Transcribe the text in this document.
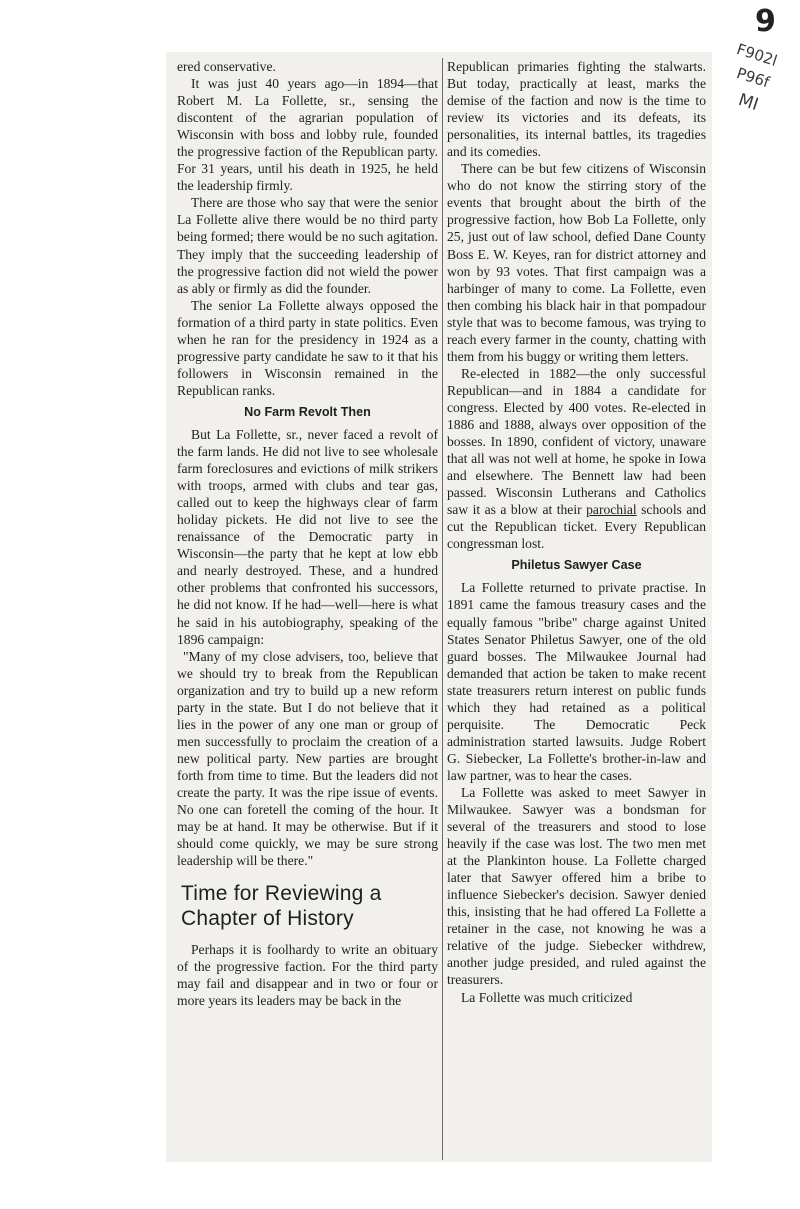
9
F902l
P96f
MI

ered conservative.

It was just 40 years ago—in 1894—that Robert M. La Follette, sr., sensing the discontent of the agrarian population of Wisconsin with boss and lobby rule, founded the progressive faction of the Republican party. For 31 years, until his death in 1925, he held the leadership firmly.

There are those who say that were the senior La Follette alive there would be no third party being formed; there would be no such agitation. They imply that the succeeding leadership of the progressive faction did not wield the power as ably or firmly as did the founder.

The senior La Follette always opposed the formation of a third party in state politics. Even when he ran for the presidency in 1924 as a progressive party candidate he saw to it that his followers in Wisconsin remained in the Republican ranks.

No Farm Revolt Then

But La Follette, sr., never faced a revolt of the farm lands. He did not live to see wholesale farm foreclosures and evictions of milk strikers with troops, armed with clubs and tear gas, called out to keep the highways clear of farm holiday pickets. He did not live to see the renaissance of the Democratic party in Wisconsin—the party that he kept at low ebb and nearly destroyed. These, and a hundred other problems that confronted his successors, he did not know. If he had—well—here is what he said in his autobiography, speaking of the 1896 campaign:

"Many of my close advisers, too, believe that we should try to break from the Republican organization and try to build up a new reform party in the state. But I do not believe that it lies in the power of any one man or group of men successfully to proclaim the creation of a new political party. New parties are brought forth from time to time. But the leaders did not create the party. It was the ripe issue of events. No one can foretell the coming of the hour. It may be at hand. It may be otherwise. But if it should come quickly, we may be sure strong leadership will be there."

Time for Reviewing a Chapter of History

Perhaps it is foolhardy to write an obituary of the progressive faction. For the third party may fail and disappear and in two or four or more years its leaders may be back in the

Republican primaries fighting the stalwarts. But today, practically at least, marks the demise of the faction and now is the time to review its victories and its defeats, its personalities, its internal battles, its tragedies and its comedies.

There can be but few citizens of Wisconsin who do not know the stirring story of the events that brought about the birth of the progressive faction, how Bob La Follette, only 25, just out of law school, defied Dane County Boss E. W. Keyes, ran for district attorney and won by 93 votes. That first campaign was a harbinger of many to come. La Follette, even then combing his black hair in that pompadour style that was to become famous, was trying to reach every farmer in the county, chatting with them from his buggy or writing them letters.

Re-elected in 1882—the only successful Republican—and in 1884 a candidate for congress. Elected by 400 votes. Re-elected in 1886 and 1888, always over opposition of the bosses. In 1890, confident of victory, unaware that all was not well at home, he spoke in Iowa and elsewhere. The Bennett law had been passed. Wisconsin Lutherans and Catholics saw it as a blow at their parochial schools and cut the Republican ticket. Every Republican congressman lost.

Philetus Sawyer Case

La Follette returned to private practise. In 1891 came the famous treasury cases and the equally famous "bribe" charge against United States Senator Philetus Sawyer, one of the old guard bosses. The Milwaukee Journal had demanded that action be taken to make recent state treasurers return interest on public funds which they had retained as a political perquisite. The Democratic Peck administration started lawsuits. Judge Robert G. Siebecker, La Follette's brother-in-law and law partner, was to hear the cases.

La Follette was asked to meet Sawyer in Milwaukee. Sawyer was a bondsman for several of the treasurers and stood to lose heavily if the case was lost. The two men met at the Plankinton house. La Follette charged later that Sawyer offered him a bribe to influence Siebecker's decision. Sawyer denied this, insisting that he had offered La Follette a retainer in the case, not knowing he was a relative of the judge. Siebecker withdrew, another judge presided, and ruled against the treasurers.

La Follette was much criticized
